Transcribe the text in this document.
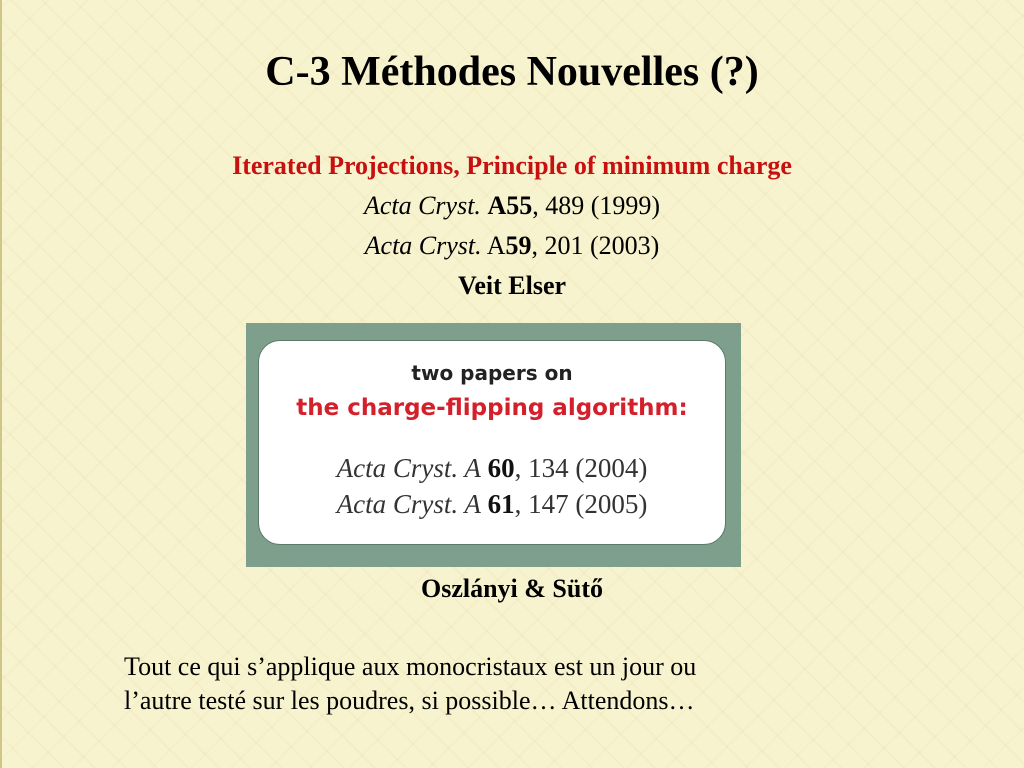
C-3 Méthodes Nouvelles (?)
Iterated Projections, Principle of minimum charge
Acta Cryst. A55, 489 (1999)
Acta Cryst. A59, 201 (2003)
Veit Elser
two papers on
the charge-flipping algorithm:
Acta Cryst. A 60, 134 (2004)
Acta Cryst. A 61, 147 (2005)
Oszlányi & Sütő
Tout ce qui s’applique aux monocristaux est un jour ou
l’autre testé sur les poudres, si possible… Attendons…
